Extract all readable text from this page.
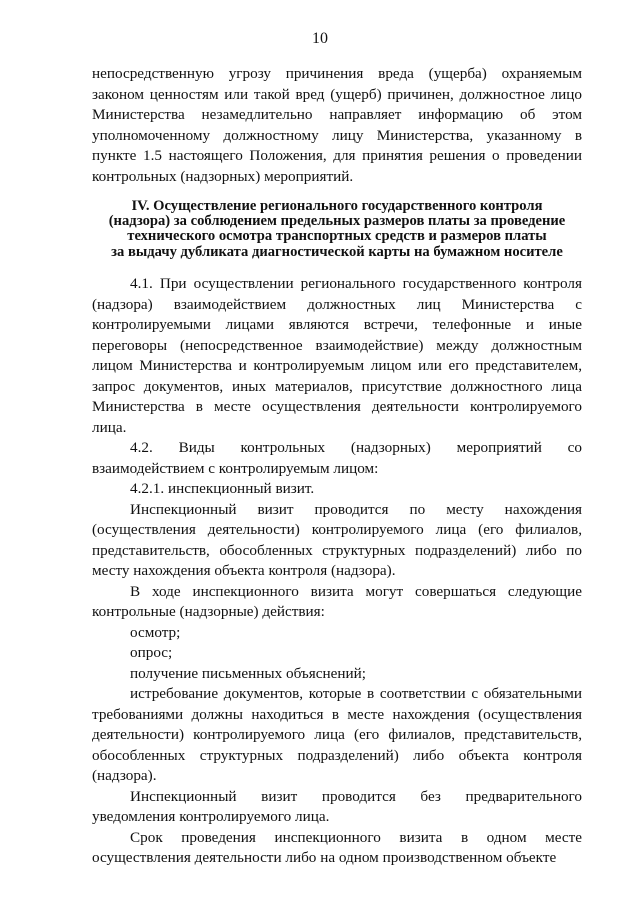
10

непосредственную угрозу причинения вреда (ущерба) охраняемым законом ценностям или такой вред (ущерб) причинен, должностное лицо Министерства незамедлительно направляет информацию об этом уполномоченному должностному лицу Министерства, указанному в пункте 1.5 настоящего Положения, для принятия решения о проведении контрольных (надзорных) мероприятий.

IV. Осуществление регионального государственного контроля
(надзора) за соблюдением предельных размеров платы за проведение
технического осмотра транспортных средств и размеров платы
за выдачу дубликата диагностической карты на бумажном носителе

4.1. При осуществлении регионального государственного контроля (надзора) взаимодействием должностных лиц Министерства с контролируемыми лицами являются встречи, телефонные и иные переговоры (непосредственное взаимодействие) между должностным лицом Министерства и контролируемым лицом или его представителем, запрос документов, иных материалов, присутствие должностного лица Министерства в месте осуществления деятельности контролируемого лица.

4.2. Виды контрольных (надзорных) мероприятий со взаимодействием с контролируемым лицом:

4.2.1. инспекционный визит.

Инспекционный визит проводится по месту нахождения (осуществления деятельности) контролируемого лица (его филиалов, представительств, обособленных структурных подразделений) либо по месту нахождения объекта контроля (надзора).

В ходе инспекционного визита могут совершаться следующие контрольные (надзорные) действия:

осмотр;

опрос;

получение письменных объяснений;

истребование документов, которые в соответствии с обязательными требованиями должны находиться в месте нахождения (осуществления деятельности) контролируемого лица (его филиалов, представительств, обособленных структурных подразделений) либо объекта контроля (надзора).

Инспекционный визит проводится без предварительного уведомления контролируемого лица.

Срок проведения инспекционного визита в одном месте осуществления деятельности либо на одном производственном объекте
